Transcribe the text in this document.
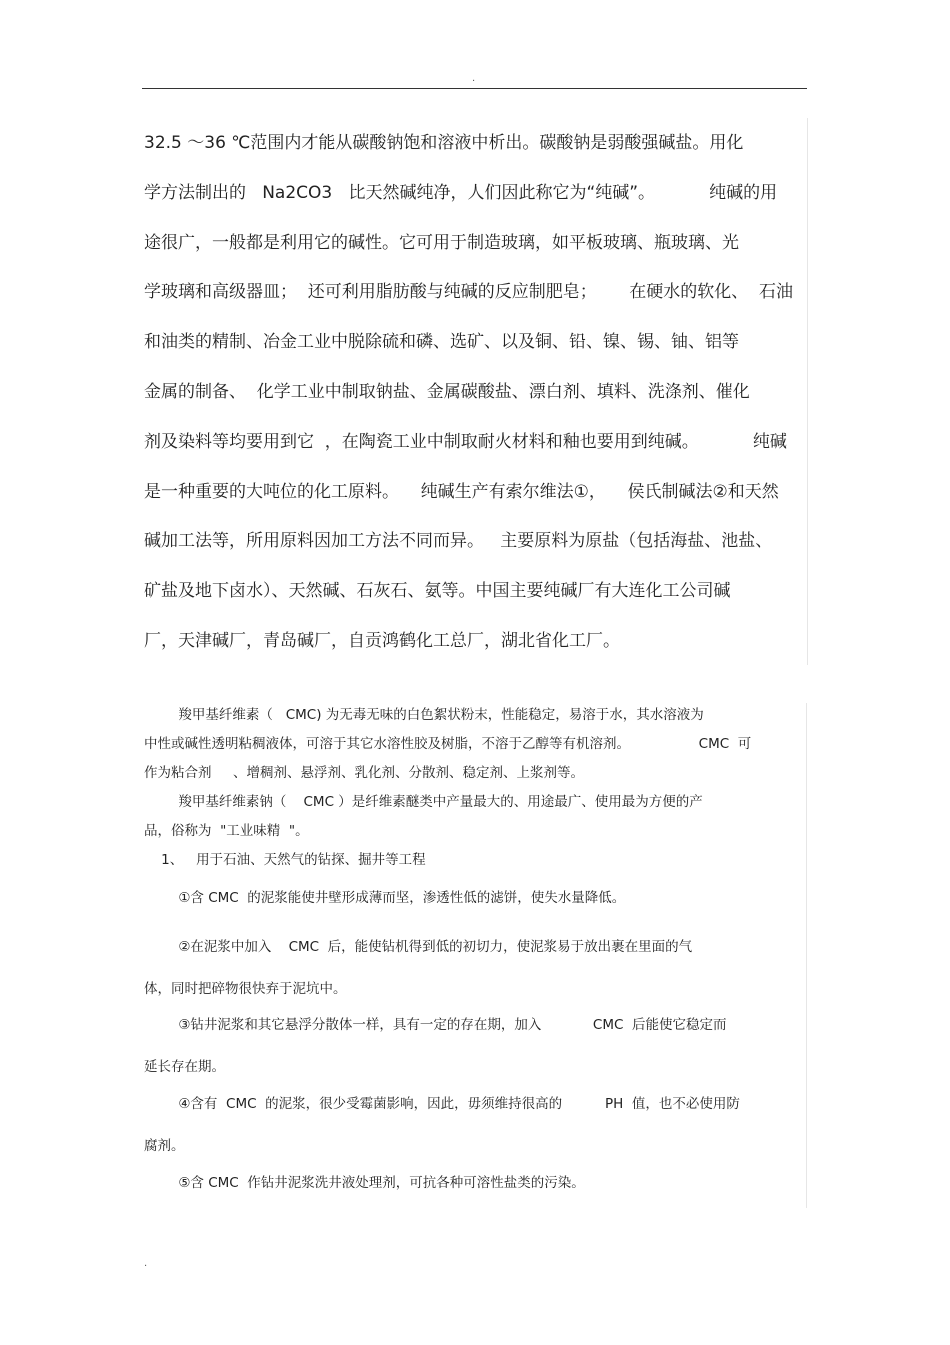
.
32.5 ～36 ℃范围内才能从碳酸钠饱和溶液中析出。碳酸钠是弱酸强碱盐。用化
学方法制出的   Na2CO3   比天然碱纯净，人们因此称它为“纯碱”。          纯碱的用
途很广，一般都是利用它的碱性。它可用于制造玻璃，如平板玻璃、瓶玻璃、光
学玻璃和高级器皿；  还可利用脂肪酸与纯碱的反应制肥皂；      在硬水的软化、  石油
和油类的精制、冶金工业中脱除硫和磷、选矿、以及铜、铅、镍、锡、铀、铝等
金属的制备、  化学工业中制取钠盐、金属碳酸盐、漂白剂、填料、洗涤剂、催化
剂及染料等均要用到它  ，在陶瓷工业中制取耐火材料和釉也要用到纯碱。          纯碱
是一种重要的大吨位的化工原料。    纯碱生产有索尔维法①，    侯氏制碱法②和天然
碱加工法等，所用原料因加工方法不同而异。   主要原料为原盐（包括海盐、池盐、
矿盐及地下卤水）、天然碱、石灰石、氨等。中国主要纯碱厂有大连化工公司碱
厂，天津碱厂，青岛碱厂，自贡鸿鹤化工总厂，湖北省化工厂。
羧甲基纤维素（   CMC) 为无毒无味的白色絮状粉末，性能稳定，易溶于水，其水溶液为
中性或碱性透明粘稠液体，可溶于其它水溶性胶及树脂，不溶于乙醇等有机溶剂。                CMC  可
作为粘合剂     、增稠剂、悬浮剂、乳化剂、分散剂、稳定剂、上浆剂等。
羧甲基纤维素钠（    CMC ）是纤维素醚类中产量最大的、用途最广、使用最为方便的产
品，俗称为  "工业味精  "。
1、   用于石油、天然气的钻探、掘井等工程
①含 CMC  的泥浆能使井壁形成薄而坚，渗透性低的滤饼，使失水量降低。
②在泥浆中加入    CMC  后，能使钻机得到低的初切力，使泥浆易于放出裹在里面的气
体，同时把碎物很快弃于泥坑中。
③钻井泥浆和其它悬浮分散体一样，具有一定的存在期，加入            CMC  后能使它稳定而
延长存在期。
④含有  CMC  的泥浆，很少受霉菌影响，因此，毋须维持很高的          PH  值，也不必使用防
腐剂。
⑤含 CMC  作钻井泥浆洗井液处理剂，可抗各种可溶性盐类的污染。
.
